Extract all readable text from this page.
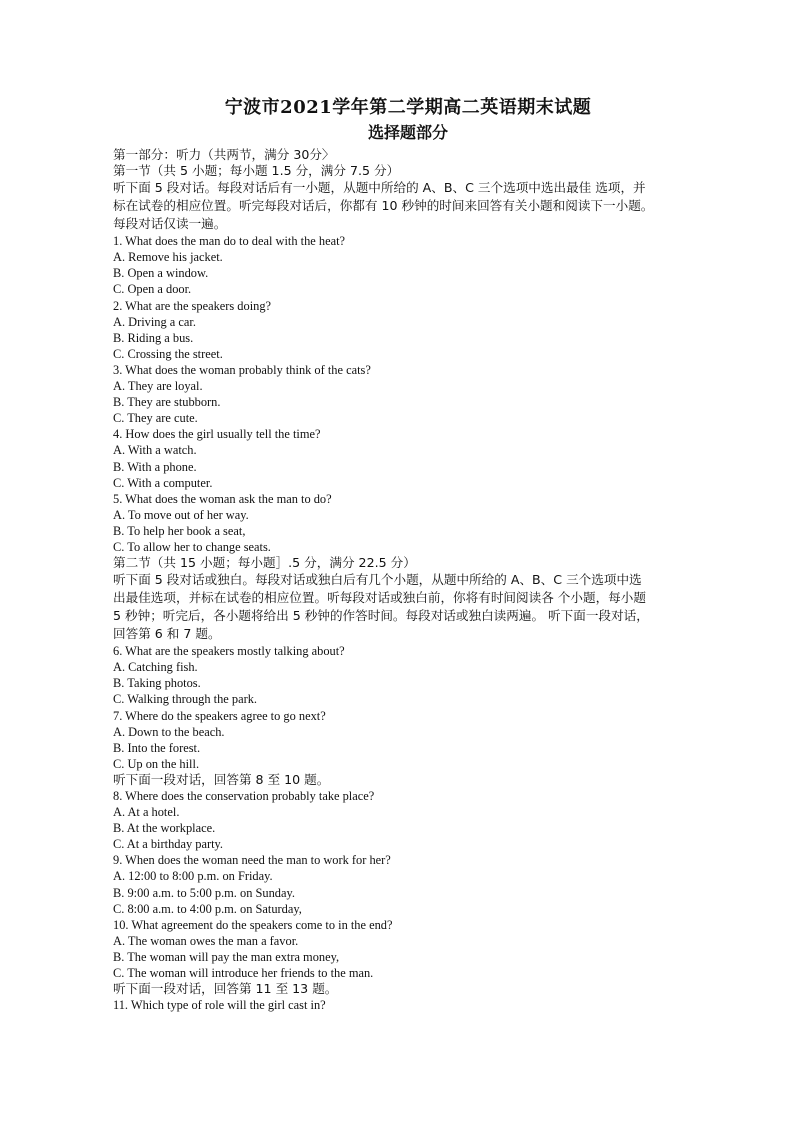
宁波市2021学年第二学期高二英语期末试题
选择题部分
第一部分：听力（共两节，满分 30分〉
第一节（共 5 小题；每小题 1.5 分，满分 7.5 分）
听下面 5 段对话。每段对话后有一小题，从题中所给的 A、B、C 三个选项中选出最佳 选项，并
标在试卷的相应位置。听完每段对话后，你都有 10 秒钟的时间来回答有关小题和阅读下一小题。
每段对话仅读一遍。
1. What does the man do to deal with the heat?
A. Remove his jacket.
B. Open a window.
C. Open a door.
2. What are the speakers doing?
A. Driving a car.
B. Riding a bus.
C. Crossing the street.
3. What does the woman probably think of the cats?
A. They are loyal.
B. They are stubborn.
C. They are cute.
4. How does the girl usually tell the time?
A. With a watch.
B. With a phone.
C. With a computer.
5. What does the woman ask the man to do?
A. To move out of her way.
B. To help her book a seat,
C. To allow her to change seats.
第二节（共 15 小题；每小题］.5 分，满分 22.5 分）
听下面 5 段对话或独白。每段对话或独白后有几个小题，从题中所给的 A、B、C 三个选项中选
出最佳选项，并标在试卷的相应位置。听每段对话或独白前，你将有时间阅读各 个小题，每小题
5 秒钟；听完后，各小题将给出 5 秒钟的作答时间。每段对话或独白读两遍。 听下面一段对话，
回答第 6 和 7 题。
6. What are the speakers mostly talking about?
A. Catching fish.
B. Taking photos.
C. Walking through the park.
7. Where do the speakers agree to go next?
A. Down to the beach.
B. Into the forest.
C. Up on the hill.
听下面一段对话，回答第 8 至 10 题。
8. Where does the conservation probably take place?
A. At a hotel.
B. At the workplace.
C. At a birthday party.
9. When does the woman need the man to work for her?
A. 12:00 to 8:00 p.m. on Friday.
B. 9:00 a.m. to 5:00 p.m. on Sunday.
C. 8:00 a.m. to 4:00 p.m. on Saturday,
10. What agreement do the speakers come to in the end?
A. The woman owes the man a favor.
B. The woman will pay the man extra money,
C. The woman will introduce her friends to the man.
听下面一段对话，回答第 11 至 13 题。
11. Which type of role will the girl cast in?
